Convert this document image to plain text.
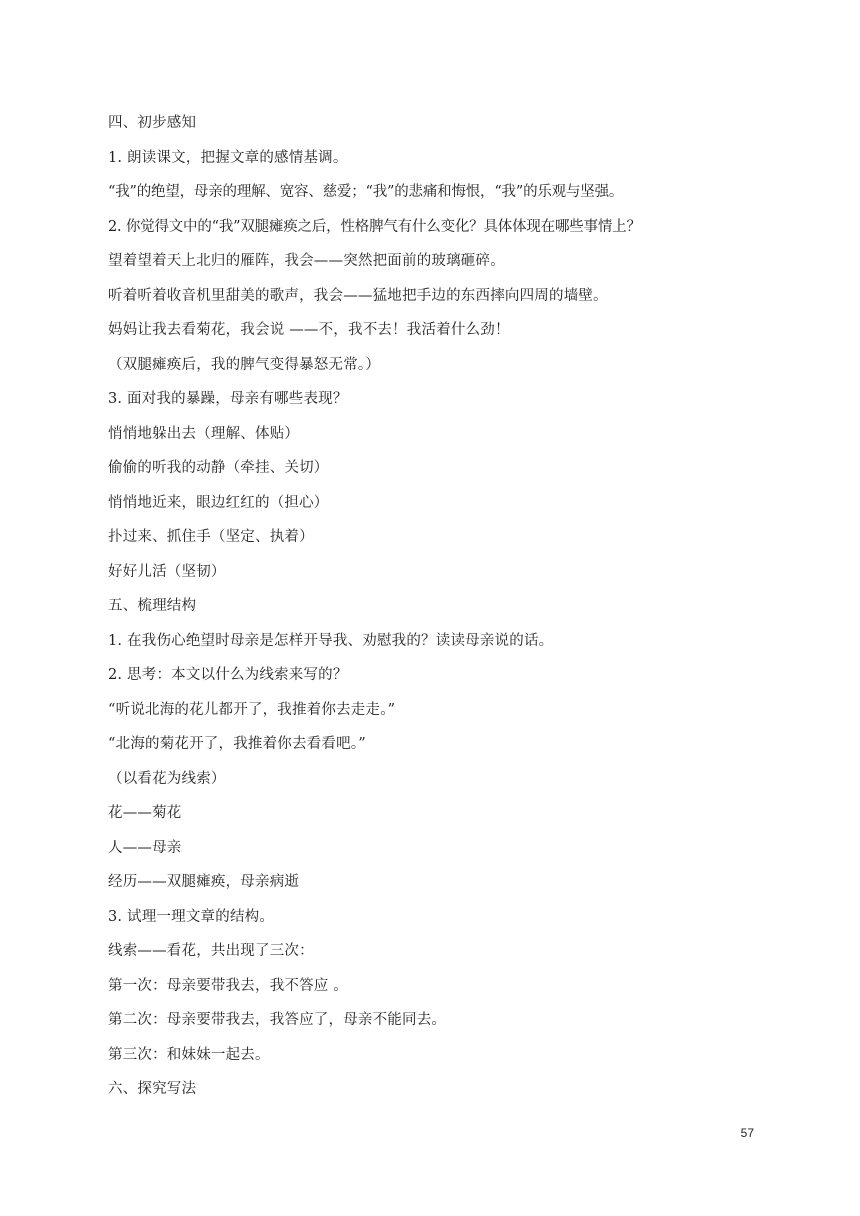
四、初步感知
1. 朗读课文，把握文章的感情基调。
“我”的绝望，母亲的理解、宽容、慈爱；“我”的悲痛和悔恨，“我”的乐观与坚强。
2. 你觉得文中的“我”双腿瘫痪之后，性格脾气有什么变化？具体体现在哪些事情上？
望着望着天上北归的雁阵，我会——突然把面前的玻璃砸碎。
听着听着收音机里甜美的歌声，我会——猛地把手边的东西摔向四周的墙壁。
妈妈让我去看菊花，我会说 ——不，我不去！我活着什么劲！
（双腿瘫痪后，我的脾气变得暴怒无常。）
3. 面对我的暴躁，母亲有哪些表现？
悄悄地躲出去（理解、体贴）
偷偷的听我的动静（牵挂、关切）
悄悄地近来，眼边红红的（担心）
扑过来、抓住手（坚定、执着）
好好儿活（坚韧）
五、梳理结构
1. 在我伤心绝望时母亲是怎样开导我、劝慰我的？读读母亲说的话。
2. 思考：本文以什么为线索来写的？
“听说北海的花儿都开了，我推着你去走走。”
“北海的菊花开了，我推着你去看看吧。”
（以看花为线索）
花——菊花
人——母亲
经历——双腿瘫痪，母亲病逝
3. 试理一理文章的结构。
线索——看花，共出现了三次：
第一次：母亲要带我去，我不答应 。
第二次：母亲要带我去，我答应了，母亲不能同去。
第三次：和妹妹一起去。
六、探究写法
57
